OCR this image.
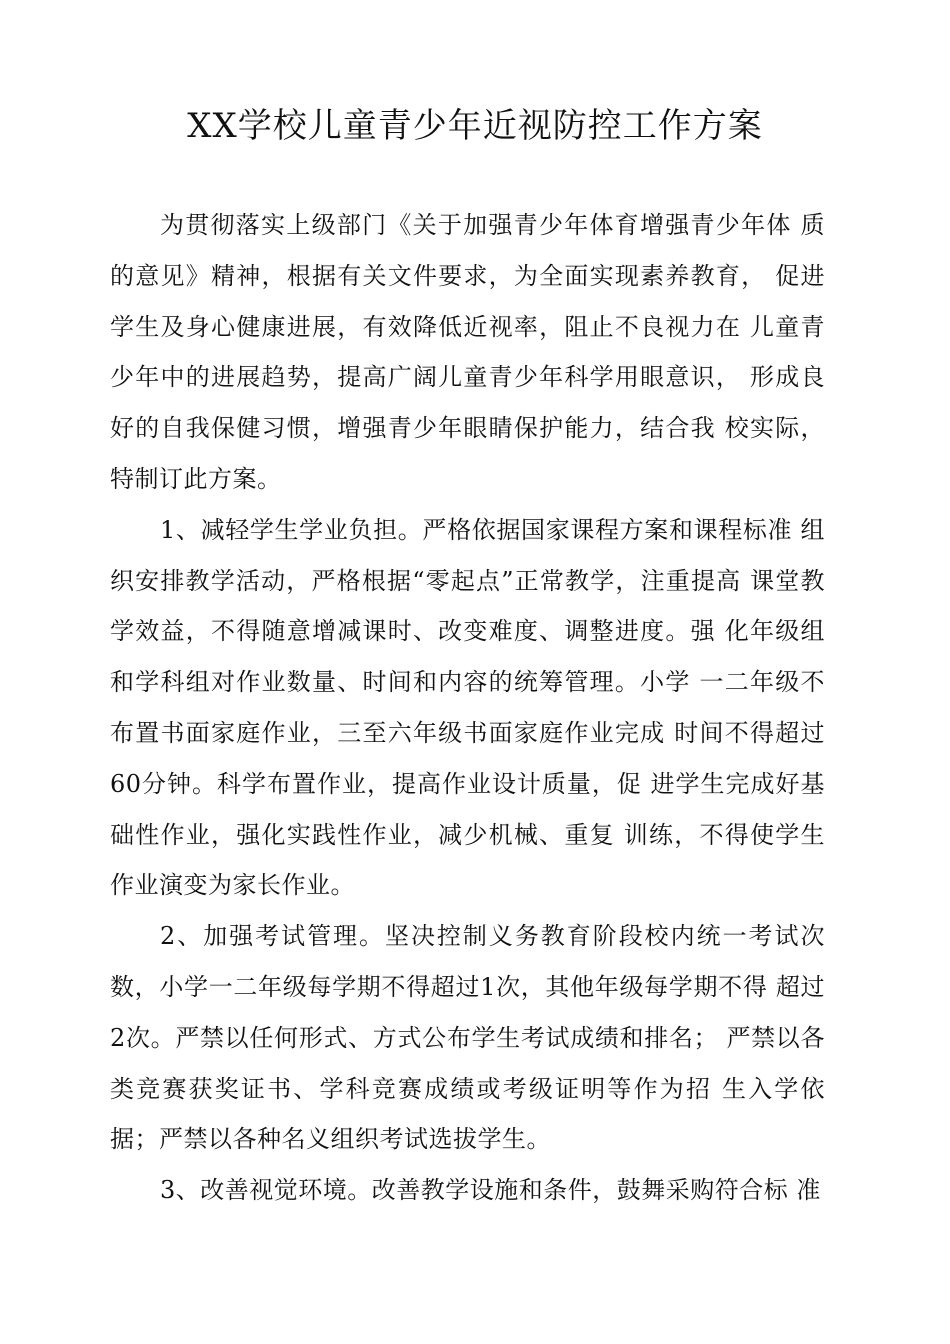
XX学校儿童青少年近视防控工作方案

为贯彻落实上级部门《关于加强青少年体育增强青少年体 质的意见》精神，根据有关文件要求，为全面实现素养教育， 促进学生及身心健康进展，有效降低近视率，阻止不良视力在 儿童青少年中的进展趋势，提高广阔儿童青少年科学用眼意识， 形成良好的自我保健习惯，增强青少年眼睛保护能力，结合我 校实际，特制订此方案。

1、减轻学生学业负担。严格依据国家课程方案和课程标准 组织安排教学活动，严格根据“零起点”正常教学，注重提高 课堂教学效益，不得随意增减课时、改变难度、调整进度。强 化年级组和学科组对作业数量、时间和内容的统筹管理。小学 一二年级不布置书面家庭作业，三至六年级书面家庭作业完成 时间不得超过60分钟。科学布置作业，提高作业设计质量，促 进学生完成好基础性作业，强化实践性作业，减少机械、重复 训练，不得使学生作业演变为家长作业。

2、加强考试管理。坚决控制义务教育阶段校内统一考试次数，小学一二年级每学期不得超过1次，其他年级每学期不得 超过2次。严禁以任何形式、方式公布学生考试成绩和排名； 严禁以各类竞赛获奖证书、学科竞赛成绩或考级证明等作为招 生入学依据；严禁以各种名义组织考试选拔学生。

3、改善视觉环境。改善教学设施和条件，鼓舞采购符合标 准
